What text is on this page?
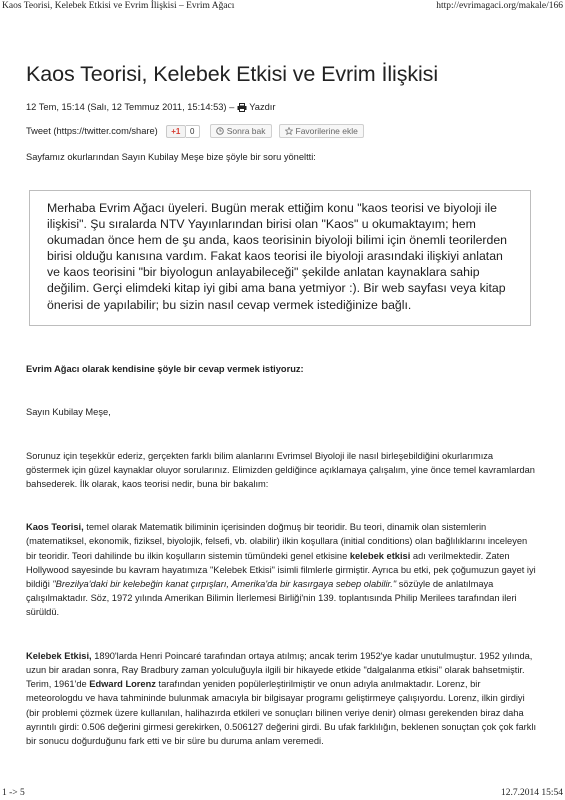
Kaos Teorisi, Kelebek Etkisi ve Evrim İlişkisi – Evrim Ağacı	http://evrimagaci.org/makale/166
Kaos Teorisi, Kelebek Etkisi ve Evrim İlişkisi
12 Tem, 15:14 (Salı, 12 Temmuz 2011, 15:14:53) – Yazdır
Tweet (https://twitter.com/share)	+1	0	Sonra bak	Favorilerine ekle

Sayfamız okurlarından Sayın Kubilay Meşe bize şöyle bir soru yöneltti:

Merhaba Evrim Ağacı üyeleri. Bugün merak ettiğim konu "kaos teorisi ve biyoloji ile ilişkisi". Şu sıralarda NTV Yayınlarından birisi olan "Kaos" u okumaktayım; hem okumadan önce hem de şu anda, kaos teorisinin biyoloji bilimi için önemli teorilerden birisi olduğu kanısına vardım. Fakat kaos teorisi ile biyoloji arasındaki ilişkiyi anlatan ve kaos teorisini "bir biyologun anlayabileceği" şekilde anlatan kaynaklara sahip değilim. Gerçi elimdeki kitap iyi gibi ama bana yetmiyor :). Bir web sayfası veya kitap önerisi de yapılabilir; bu sizin nasıl cevap vermek istediğinize bağlı.

Evrim Ağacı olarak kendisine şöyle bir cevap vermek istiyoruz:

Sayın Kubilay Meşe,

Sorunuz için teşekkür ederiz, gerçekten farklı bilim alanlarını Evrimsel Biyoloji ile nasıl birleşebildiğini okurlarımıza göstermek için güzel kaynaklar oluyor sorularınız. Elimizden geldiğince açıklamaya çalışalım, yine önce temel kavramlardan bahsederek. İlk olarak, kaos teorisi nedir, buna bir bakalım:

Kaos Teorisi, temel olarak Matematik biliminin içerisinden doğmuş bir teoridir. Bu teori, dinamik olan sistemlerin (matematiksel, ekonomik, fiziksel, biyolojik, felsefi, vb. olabilir) ilkin koşullara (initial conditions) olan bağlılıklarını inceleyen bir teoridir. Teori dahilinde bu ilkin koşulların sistemin tümündeki genel etkisine kelebek etkisi adı verilmektedir. Zaten Hollywood sayesinde bu kavram hayatımıza "Kelebek Etkisi" isimli filmlerle girmiştir. Ayrıca bu etki, pek çoğumuzun gayet iyi bildiği "Brezilya'daki bir kelebeğin kanat çırpışları, Amerika'da bir kasırgaya sebep olabilir." sözüyle de anlatılmaya çalışılmaktadır. Söz, 1972 yılında Amerikan Bilimin İlerlemesi Birliği'nin 139. toplantısında Philip Merilees tarafından ileri sürüldü.

Kelebek Etkisi, 1890'larda Henri Poincaré tarafından ortaya atılmış; ancak terim 1952'ye kadar unutulmuştur. 1952 yılında, uzun bir aradan sonra, Ray Bradbury zaman yolculuğuyla ilgili bir hikayede etkide "dalgalanma etkisi" olarak bahsetmiştir. Terim, 1961'de Edward Lorenz tarafından yeniden popülerleştirilmiştir ve onun adıyla anılmaktadır. Lorenz, bir meteorologdu ve hava tahmininde bulunmak amacıyla bir bilgisayar programı geliştirmeye çalışıyordu. Lorenz, ilkin girdiyi (bir problemi çözmek üzere kullanılan, halihazırda etkileri ve sonuçları bilinen veriye denir) olması gerekenden biraz daha ayrıntılı girdi: 0.506 değerini girmesi gerekirken, 0.506127 değerini girdi. Bu ufak farklılığın, beklenen sonuçtan çok çok farklı bir sonucu doğurduğunu fark etti ve bir süre bu duruma anlam veremedi.

1 -> 5	12.7.2014 15:54
